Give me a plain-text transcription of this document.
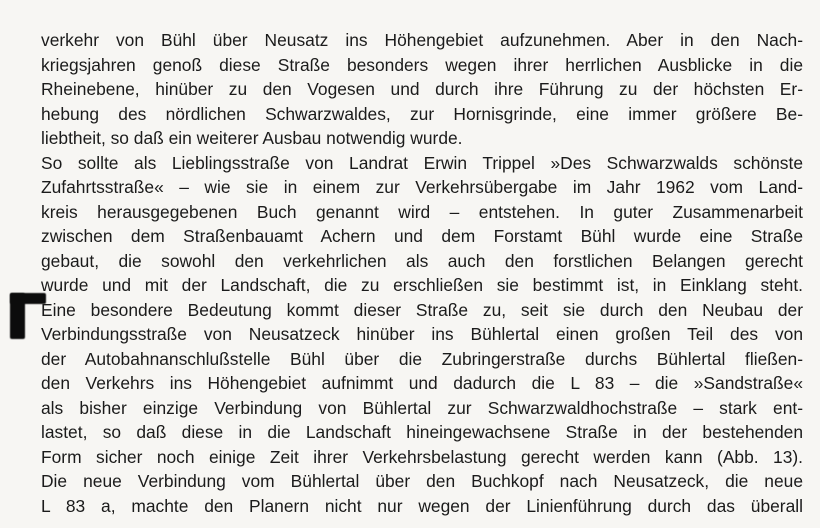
verkehr von Bühl über Neusatz ins Höhengebiet aufzunehmen. Aber in den Nach-
kriegsjahren genoß diese Straße besonders wegen ihrer herrlichen Ausblicke in die
Rheinebene, hinüber zu den Vogesen und durch ihre Führung zu der höchsten Er-
hebung des nördlichen Schwarzwaldes, zur Hornisgrinde, eine immer größere Be-
liebtheit, so daß ein weiterer Ausbau notwendig wurde.
So sollte als Lieblingsstraße von Landrat Erwin Trippel »Des Schwarzwalds schönste
Zufahrtsstraße« – wie sie in einem zur Verkehrsübergabe im Jahr 1962 vom Land-
kreis herausgegebenen Buch genannt wird – entstehen. In guter Zusammenarbeit
zwischen dem Straßenbauamt Achern und dem Forstamt Bühl wurde eine Straße
gebaut, die sowohl den verkehrlichen als auch den forstlichen Belangen gerecht
wurde und mit der Landschaft, die zu erschließen sie bestimmt ist, in Einklang steht.
Eine besondere Bedeutung kommt dieser Straße zu, seit sie durch den Neubau der
Verbindungsstraße von Neusatzeck hinüber ins Bühlertal einen großen Teil des von
der Autobahnanschlußstelle Bühl über die Zubringerstraße durchs Bühlertal fließen-
den Verkehrs ins Höhengebiet aufnimmt und dadurch die L 83 – die »Sandstraße«
als bisher einzige Verbindung von Bühlertal zur Schwarzwaldhochstraße – stark ent-
lastet, so daß diese in die Landschaft hineingewachsene Straße in der bestehenden
Form sicher noch einige Zeit ihrer Verkehrsbelastung gerecht werden kann (Abb. 13).
Die neue Verbindung vom Bühlertal über den Buchkopf nach Neusatzeck, die neue
L 83 a, machte den Planern nicht nur wegen der Linienführung durch das überall
